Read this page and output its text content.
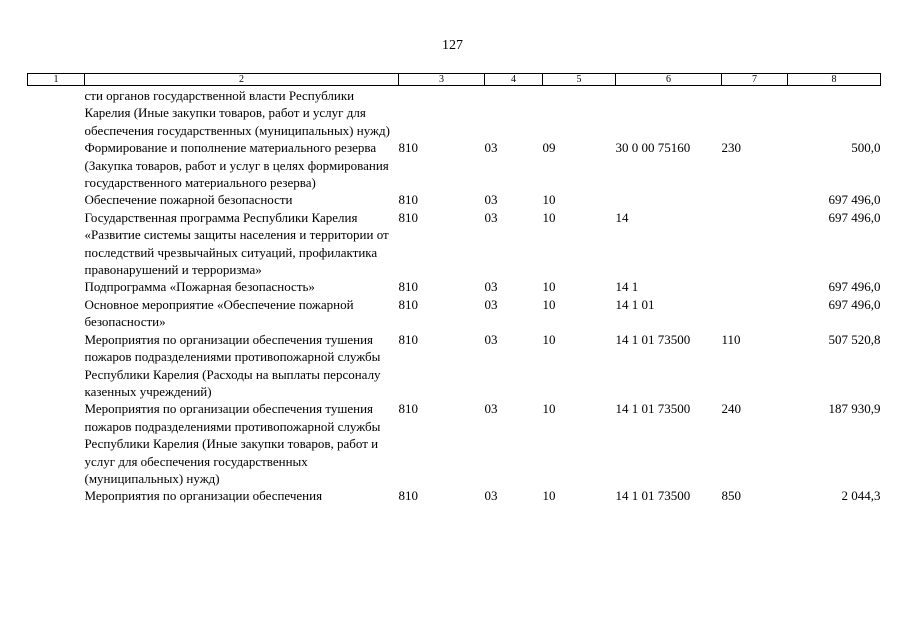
127
1	2	3	4	5	6	7	8
	сти органов государственной власти Республики Карелия (Иные закупки товаров, работ и услуг для обеспечения государственных (муниципальных) нужд)						
	Формирование и пополнение материального резерва (Закупка товаров, работ и услуг в целях формирования государственного материального резерва)	810	03	09	30 0 00 75160	230	500,0
	Обеспечение пожарной безопасности	810	03	10			697 496,0
	Государственная программа Республики Карелия «Развитие системы защиты населения и территории от последствий чрезвычайных ситуаций, профилактика правонарушений и терроризма»	810	03	10	14		697 496,0
	Подпрограмма «Пожарная безопасность»	810	03	10	14 1		697 496,0
	Основное мероприятие «Обеспечение пожарной безопасности»	810	03	10	14 1 01		697 496,0
	Мероприятия по организации обеспечения тушения пожаров подразделениями противопожарной службы Республики Карелия (Расходы на выплаты персоналу казенных учреждений)	810	03	10	14 1 01 73500	110	507 520,8
	Мероприятия по организации обеспечения тушения пожаров подразделениями противопожарной службы Республики Карелия (Иные закупки товаров, работ и услуг для обеспечения государственных (муниципальных) нужд)	810	03	10	14 1 01 73500	240	187 930,9
	Мероприятия по организации обеспечения	810	03	10	14 1 01 73500	850	2 044,3
